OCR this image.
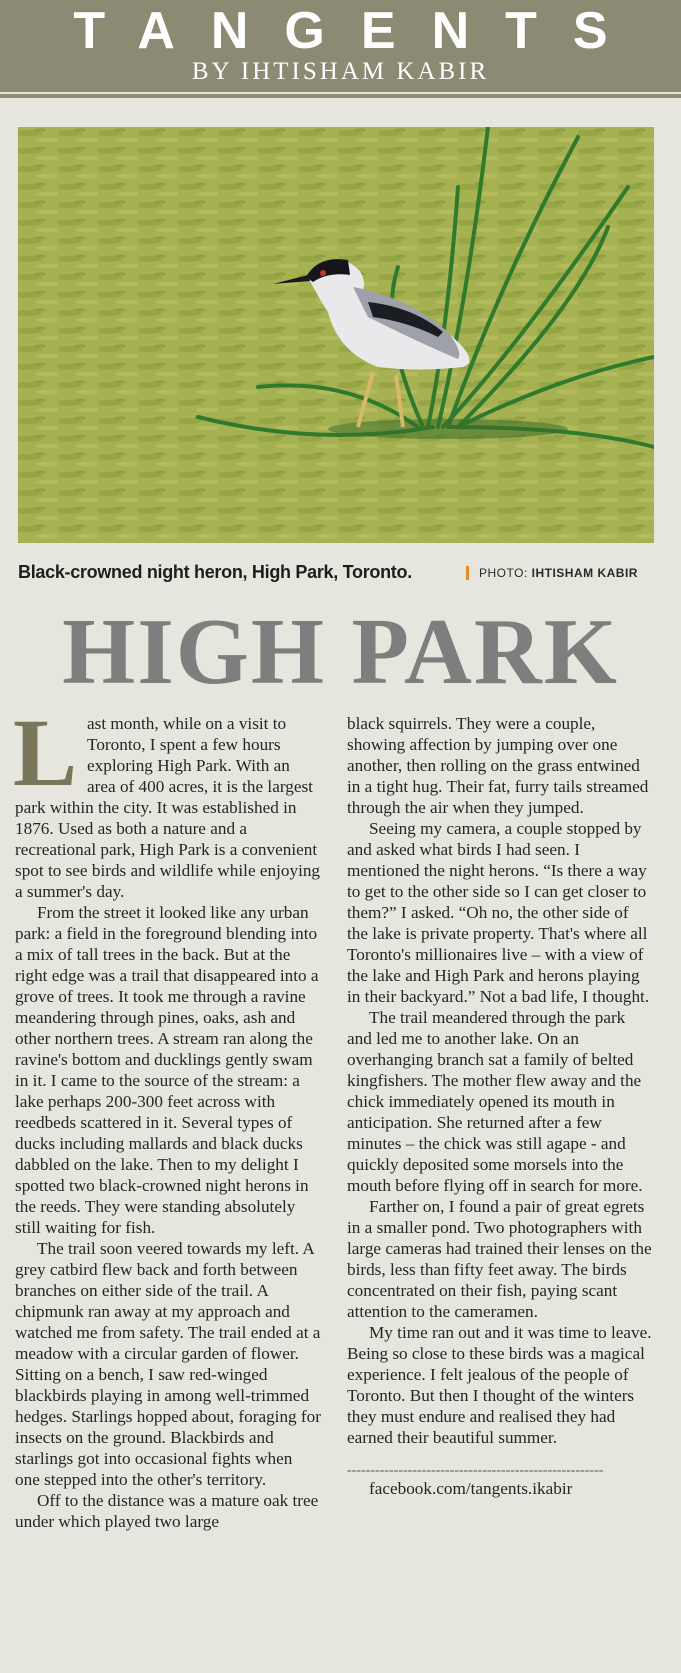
TANGENTS
BY IHTISHAM KABIR
Black-crowned night heron, High Park, Toronto.	PHOTO: IHTISHAM KABIR
HIGH PARK

Last month, while on a visit to Toronto, I spent a few hours exploring High Park. With an area of 400 acres, it is the largest park within the city. It was established in 1876. Used as both a nature and a recreational park, High Park is a convenient spot to see birds and wildlife while enjoying a summer's day.

From the street it looked like any urban park: a field in the foreground blending into a mix of tall trees in the back. But at the right edge was a trail that disappeared into a grove of trees. It took me through a ravine meandering through pines, oaks, ash and other northern trees. A stream ran along the ravine's bottom and ducklings gently swam in it. I came to the source of the stream: a lake perhaps 200-300 feet across with reedbeds scattered in it. Several types of ducks including mallards and black ducks dabbled on the lake. Then to my delight I spotted two black-crowned night herons in the reeds. They were standing absolutely still waiting for fish.

The trail soon veered towards my left. A grey catbird flew back and forth between branches on either side of the trail. A chipmunk ran away at my approach and watched me from safety. The trail ended at a meadow with a circular garden of flower. Sitting on a bench, I saw red-winged blackbirds playing in among well-trimmed hedges. Starlings hopped about, foraging for insects on the ground. Blackbirds and starlings got into occasional fights when one stepped into the other's territory.

Off to the distance was a mature oak tree under which played two large

black squirrels. They were a couple, showing affection by jumping over one another, then rolling on the grass entwined in a tight hug. Their fat, furry tails streamed through the air when they jumped.

Seeing my camera, a couple stopped by and asked what birds I had seen. I mentioned the night herons. “Is there a way to get to the other side so I can get closer to them?” I asked. “Oh no, the other side of the lake is private property. That's where all Toronto's millionaires live – with a view of the lake and High Park and herons playing in their backyard.” Not a bad life, I thought.

The trail meandered through the park and led me to another lake. On an overhanging branch sat a family of belted kingfishers. The mother flew away and the chick immediately opened its mouth in anticipation. She returned after a few minutes – the chick was still agape - and quickly deposited some morsels into the mouth before flying off in search for more.

Farther on, I found a pair of great egrets in a smaller pond. Two photographers with large cameras had trained their lenses on the birds, less than fifty feet away. The birds concentrated on their fish, paying scant attention to the cameramen.

My time ran out and it was time to leave. Being so close to these birds was a magical experience. I felt jealous of the people of Toronto. But then I thought of the winters they must endure and realised they had earned their beautiful summer.

-------------------------------------------------------

facebook.com/tangents.ikabir
